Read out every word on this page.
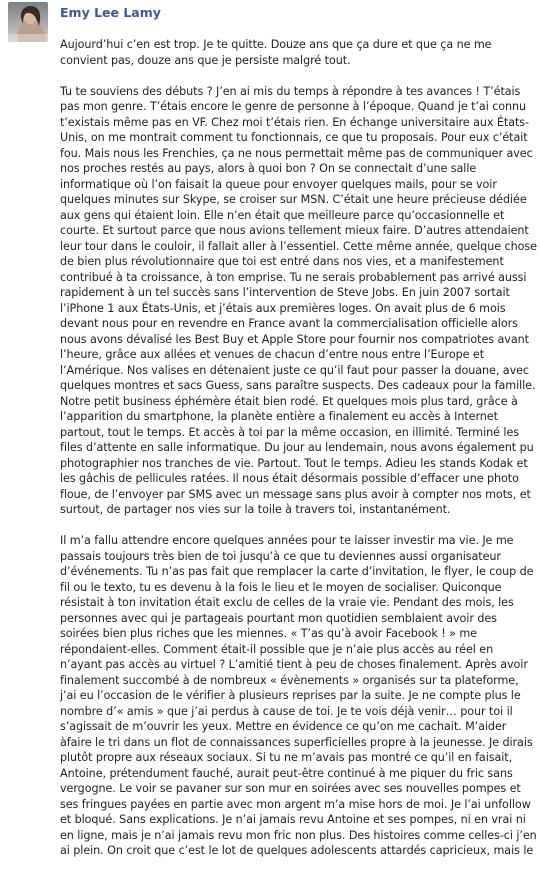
Emy Lee Lamy

Aujourd’hui c’en est trop. Je te quitte. Douze ans que ça dure et que ça ne me convient pas, douze ans que je persiste malgré tout.

Tu te souviens des débuts ? J’en ai mis du temps à répondre à tes avances ! T’étais pas mon genre. T’étais encore le genre de personne à l’époque. Quand je t’ai connu t’existais même pas en VF. Chez moi t’étais rien. En échange universitaire aux États-Unis, on me montrait comment tu fonctionnais, ce que tu proposais. Pour eux c’était fou. Mais nous les Frenchies, ça ne nous permettait même pas de communiquer avec nos proches restés au pays, alors à quoi bon ? On se connectait d’une salle informatique où l’on faisait la queue pour envoyer quelques mails, pour se voir quelques minutes sur Skype, se croiser sur MSN. C’était une heure précieuse dédiée aux gens qui étaient loin. Elle n’en était que meilleure parce qu’occasionnelle et courte. Et surtout parce que nous avions tellement mieux faire. D’autres attendaient leur tour dans le couloir, il fallait aller à l’essentiel. Cette même année, quelque chose de bien plus révolutionnaire que toi est entré dans nos vies, et a manifestement contribué à ta croissance, à ton emprise. Tu ne serais probablement pas arrivé aussi rapidement à un tel succès sans l’intervention de Steve Jobs. En juin 2007 sortait l’iPhone 1 aux États-Unis, et j’étais aux premières loges. On avait plus de 6 mois devant nous pour en revendre en France avant la commercialisation officielle alors nous avons dévalisé les Best Buy et Apple Store pour fournir nos compatriotes avant l’heure, grâce aux allées et venues de chacun d’entre nous entre l’Europe et l’Amérique. Nos valises en détenaient juste ce qu’il faut pour passer la douane, avec quelques montres et sacs Guess, sans paraître suspects. Des cadeaux pour la famille. Notre petit business éphémère était bien rodé. Et quelques mois plus tard, grâce à l’apparition du smartphone, la planète entière a finalement eu accès à Internet partout, tout le temps. Et accès à toi par la même occasion, en illimité. Terminé les files d’attente en salle informatique. Du jour au lendemain, nous avons également pu photographier nos tranches de vie. Partout. Tout le temps. Adieu les stands Kodak et les gâchis de pellicules ratées. Il nous était désormais possible d’effacer une photo floue, de l’envoyer par SMS avec un message sans plus avoir à compter nos mots, et surtout, de partager nos vies sur la toile à travers toi, instantanément.

Il m’a fallu attendre encore quelques années pour te laisser investir ma vie. Je me passais toujours très bien de toi jusqu’à ce que tu deviennes aussi organisateur d’événements. Tu n’as pas fait que remplacer la carte d’invitation, le flyer, le coup de fil ou le texto, tu es devenu à la fois le lieu et le moyen de socialiser. Quiconque résistait à ton invitation était exclu de celles de la vraie vie. Pendant des mois, les personnes avec qui je partageais pourtant mon quotidien semblaient avoir des soirées bien plus riches que les miennes. « T’as qu’à avoir Facebook ! » me répondaient-elles. Comment était-il possible que je n’aie plus accès au réel en n’ayant pas accès au virtuel ? L’amitié tient à peu de choses finalement. Après avoir finalement succombé à de nombreux « évènements » organisés sur ta plateforme, j’ai eu l’occasion de le vérifier à plusieurs reprises par la suite. Je ne compte plus le nombre d’« amis » que j’ai perdus à cause de toi. Je te vois déjà venir… pour toi il s’agissait de m’ouvrir les yeux. Mettre en évidence ce qu’on me cachait. M’aider àfaire le tri dans un flot de connaissances superficielles propre à la jeunesse. Je dirais plutôt propre aux réseaux sociaux. Si tu ne m’avais pas montré ce qu’il en faisait, Antoine, prétendument fauché, aurait peut-être continué à me piquer du fric sans vergogne. Le voir se pavaner sur son mur en soirées avec ses nouvelles pompes et ses fringues payées en partie avec mon argent m’a mise hors de moi. Je l’ai unfollow et bloqué. Sans explications. Je n’ai jamais revu Antoine et ses pompes, ni en vrai ni en ligne, mais je n’ai jamais revu mon fric non plus. Des histoires comme celles-ci j’en ai plein. On croit que c’est le lot de quelques adolescents attardés capricieux, mais le
